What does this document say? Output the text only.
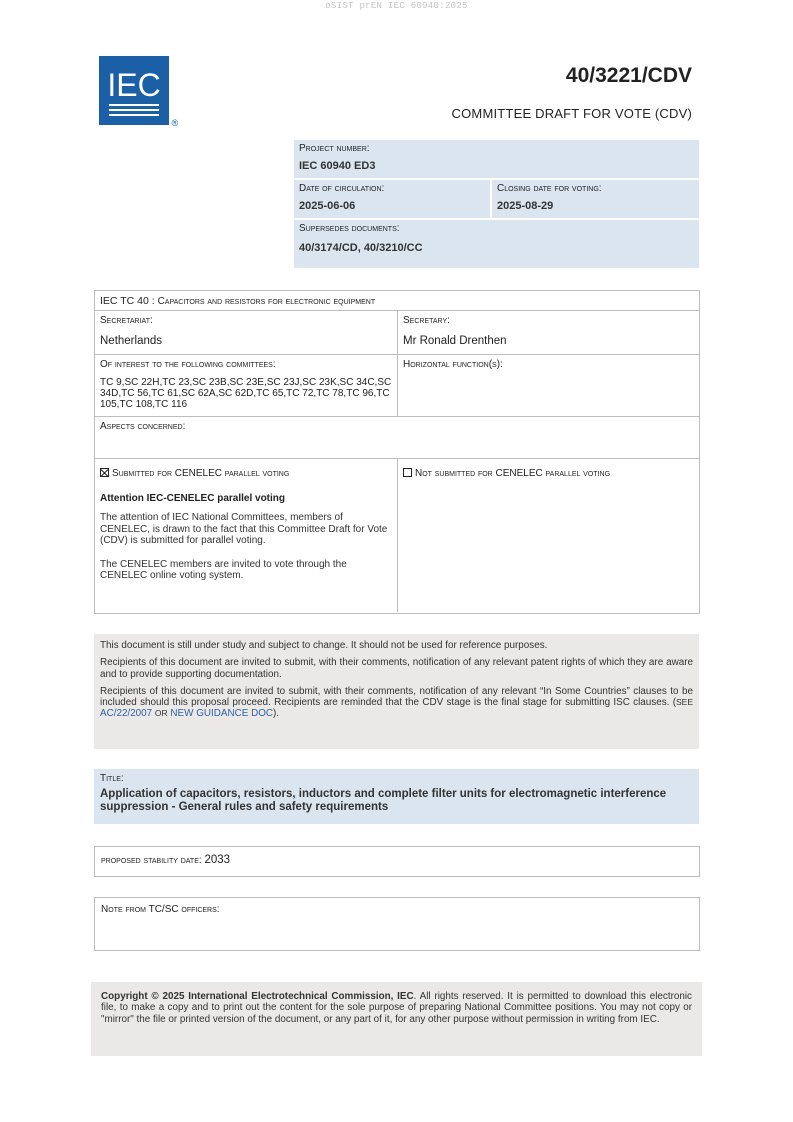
oSIST prEN IEC 60940:2025
IEC
®
40/3221/CDV
COMMITTEE DRAFT FOR VOTE (CDV)
Project number:
IEC 60940 ED3
Date of circulation:
2025-06-06
Closing date for voting:
2025-08-29
Supersedes documents:
40/3174/CD, 40/3210/CC
IEC TC 40 : Capacitors and resistors for electronic equipment
Secretariat:
Netherlands
Secretary:
Mr Ronald Drenthen
Of interest to the following committees:
TC 9,SC 22H,TC 23,SC 23B,SC 23E,SC 23J,SC 23K,SC 34C,SC 34D,TC 56,TC 61,SC 62A,SC 62D,TC 65,TC 72,TC 78,TC 96,TC 105,TC 108,TC 116
Horizontal function(s):
Aspects concerned:
Submitted for CENELEC parallel voting
Attention IEC-CENELEC parallel voting
The attention of IEC National Committees, members of CENELEC, is drawn to the fact that this Committee Draft for Vote (CDV) is submitted for parallel voting.
The CENELEC members are invited to vote through the CENELEC online voting system.
Not submitted for CENELEC parallel voting

This document is still under study and subject to change. It should not be used for reference purposes.

Recipients of this document are invited to submit, with their comments, notification of any relevant patent rights of which they are aware and to provide supporting documentation.

Recipients of this document are invited to submit, with their comments, notification of any relevant “In Some Countries” clauses to be included should this proposal proceed. Recipients are reminded that the CDV stage is the final stage for submitting ISC clauses. (SEE AC/22/2007 OR NEW GUIDANCE DOC).

Title:
Application of capacitors, resistors, inductors and complete filter units for electromagnetic interference suppression - General rules and safety requirements
proposed stability date: 2033
Note from TC/SC officers:
Copyright © 2025 International Electrotechnical Commission, IEC. All rights reserved. It is permitted to download this electronic file, to make a copy and to print out the content for the sole purpose of preparing National Committee positions. You may not copy or "mirror" the file or printed version of the document, or any part of it, for any other purpose without permission in writing from IEC.
